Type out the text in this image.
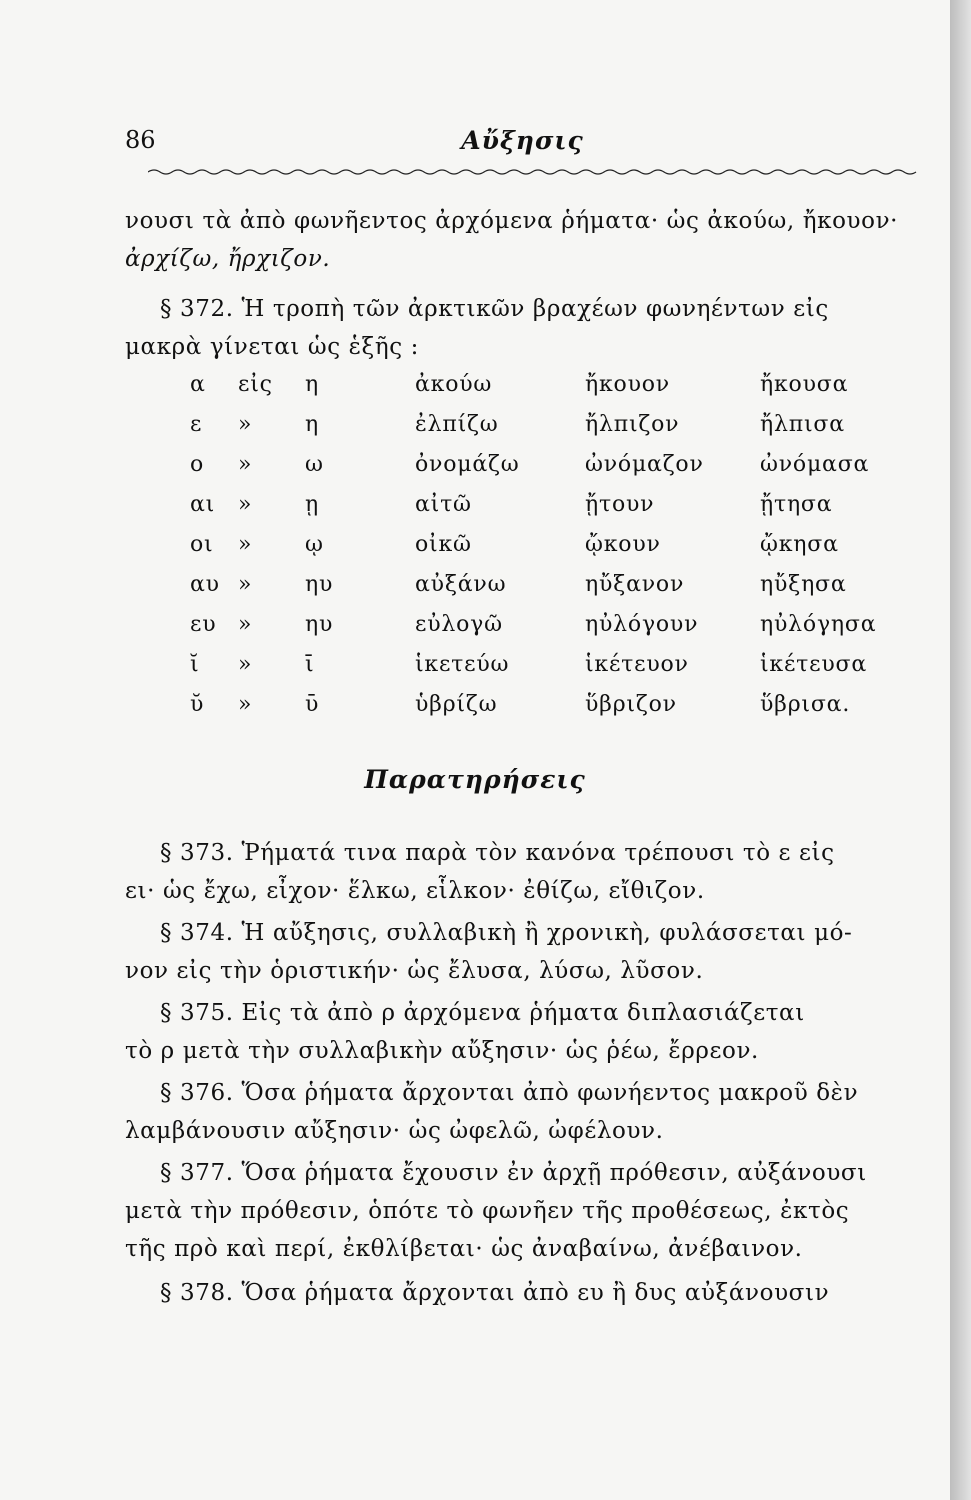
86	Αὔξησις
νουσι τὰ ἀπὸ φωνῆεντος ἀρχόμενα ῥήματα· ὡς ἀκούω, ἤκουον·
ἀρχίζω, ἤρχιζον.
§ 372. Ἡ τροπὴ τῶν ἀρκτικῶν βραχέων φωνηέντων εἰς
μακρὰ γίνεται ὡς ἑξῆς :
α εἰς η	ἀκούω	ἤκουον	ἤκουσα
ε » η	ἐλπίζω	ἤλπιζον	ἤλπισα
ο » ω	ὀνομάζω	ὠνόμαζον	ὠνόμασα
αι » ῃ	αἰτῶ	ᾔτουν	ᾔτησα
οι » ῳ	οἰκῶ	ᾤκουν	ᾤκησα
αυ » ηυ	αὐξάνω	ηὔξανον	ηὔξησα
ευ » ηυ	εὐλογῶ	ηὐλόγουν	ηὐλόγησα
ῐ » ῑ	ἱκετεύω	ἱκέτευον	ἱκέτευσα
ῠ » ῡ	ὑβρίζω	ὕβριζον	ὕβρισα.
Παρατηρήσεις
§ 373. Ῥήματά τινα παρὰ τὸν κανόνα τρέπουσι τὸ ε εἰς
ει· ὡς ἔχω, εἶχον· ἕλκω, εἷλκον· ἐθίζω, εἴθιζον.
§ 374. Ἡ αὔξησις, συλλαβικὴ ἢ χρονικὴ, φυλάσσεται μό-
νον εἰς τὴν ὁριστικήν· ὡς ἔλυσα, λύσω, λῦσον.
§ 375. Εἰς τὰ ἀπὸ ρ ἀρχόμενα ῥήματα διπλασιάζεται
τὸ ρ μετὰ τὴν συλλαβικὴν αὔξησιν· ὡς ῥέω, ἔρρεον.
§ 376. Ὅσα ῥήματα ἄρχονται ἀπὸ φωνήεντος μακροῦ δὲν
λαμβάνουσιν αὔξησιν· ὡς ὠφελῶ, ὠφέλουν.
§ 377. Ὅσα ῥήματα ἔχουσιν ἐν ἀρχῇ πρόθεσιν, αὐξάνουσι
μετὰ τὴν πρόθεσιν, ὁπότε τὸ φωνῆεν τῆς προθέσεως, ἐκτὸς
τῆς πρὸ καὶ περί, ἐκθλίβεται· ὡς ἀναβαίνω, ἀνέβαινον.
§ 378. Ὅσα ῥήματα ἄρχονται ἀπὸ ευ ἢ δυς αὐξάνουσιν
